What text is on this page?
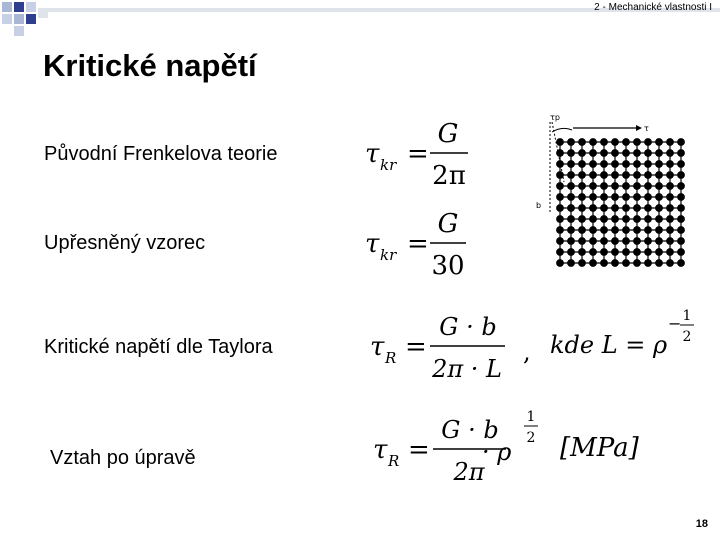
2 - Mechanické vlastnosti I
Kritické napětí
Původní Frenkelova teorie
Upřesněný vzorec
Kritické napětí dle Taylora
Vztah po úpravě
τ kr =
G
2π
τ kr =
G
30
τ R =
G · b
2π · L
, kde L = ρ
− 1
2
τ R =
G · b
2π
· ρ
1
2 [MPa]
τp
τ
b
18
